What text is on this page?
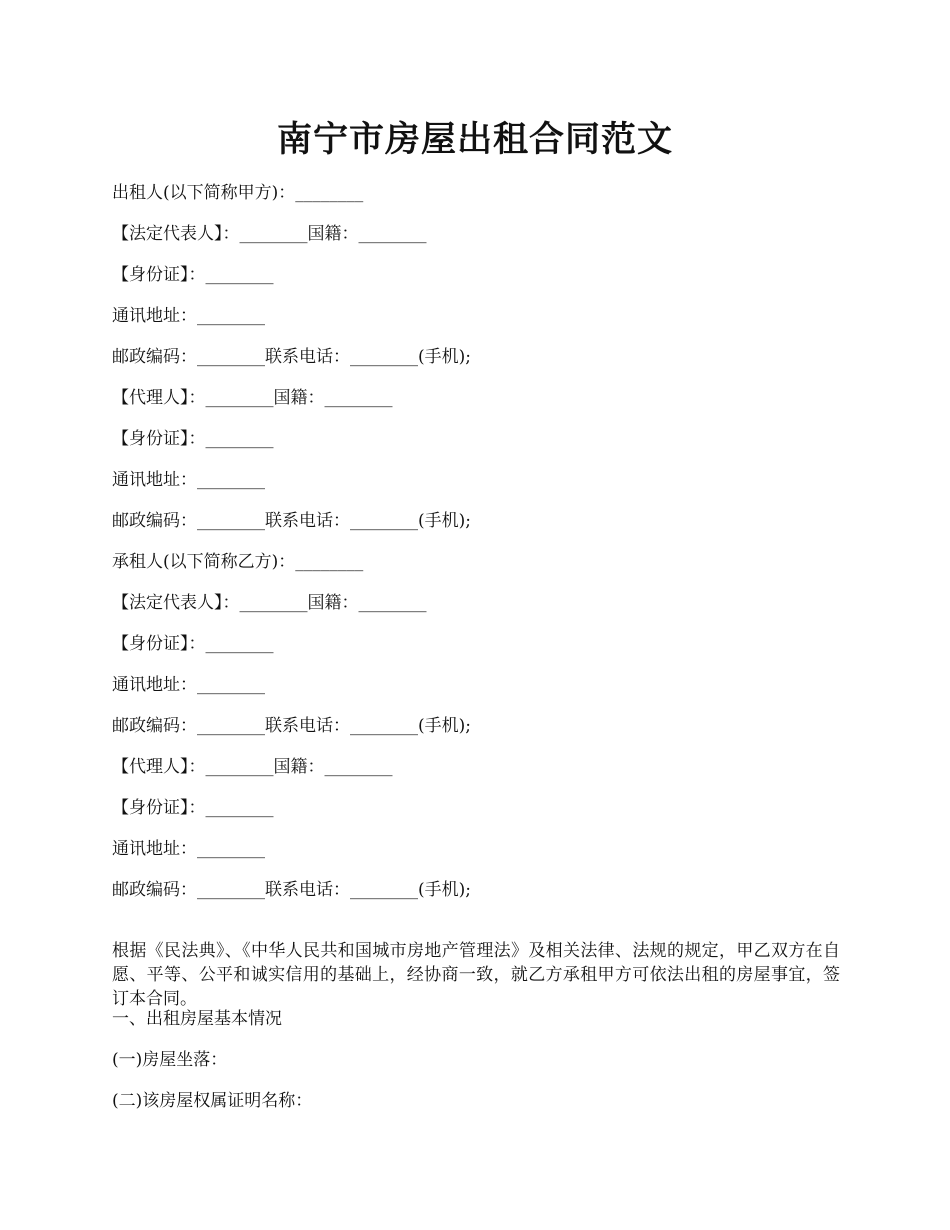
南宁市房屋出租合同范文
出租人(以下简称甲方)：________
【法定代表人】：________国籍：________
【身份证】：________
通讯地址：________
邮政编码：________联系电话：________(手机);
【代理人】：________国籍：________
【身份证】：________
通讯地址：________
邮政编码：________联系电话：________(手机);
承租人(以下简称乙方)：________
【法定代表人】：________国籍：________
【身份证】：________
通讯地址：________
邮政编码：________联系电话：________(手机);
【代理人】：________国籍：________
【身份证】：________
通讯地址：________
邮政编码：________联系电话：________(手机);

根据《民法典》、《中华人民共和国城市房地产管理法》及相关法律、法规的规定，甲乙双方在自愿、平等、公平和诚实信用的基础上，经协商一致，就乙方承租甲方可依法出租的房屋事宜，签订本合同。

一、出租房屋基本情况
(一)房屋坐落：
(二)该房屋权属证明名称：
